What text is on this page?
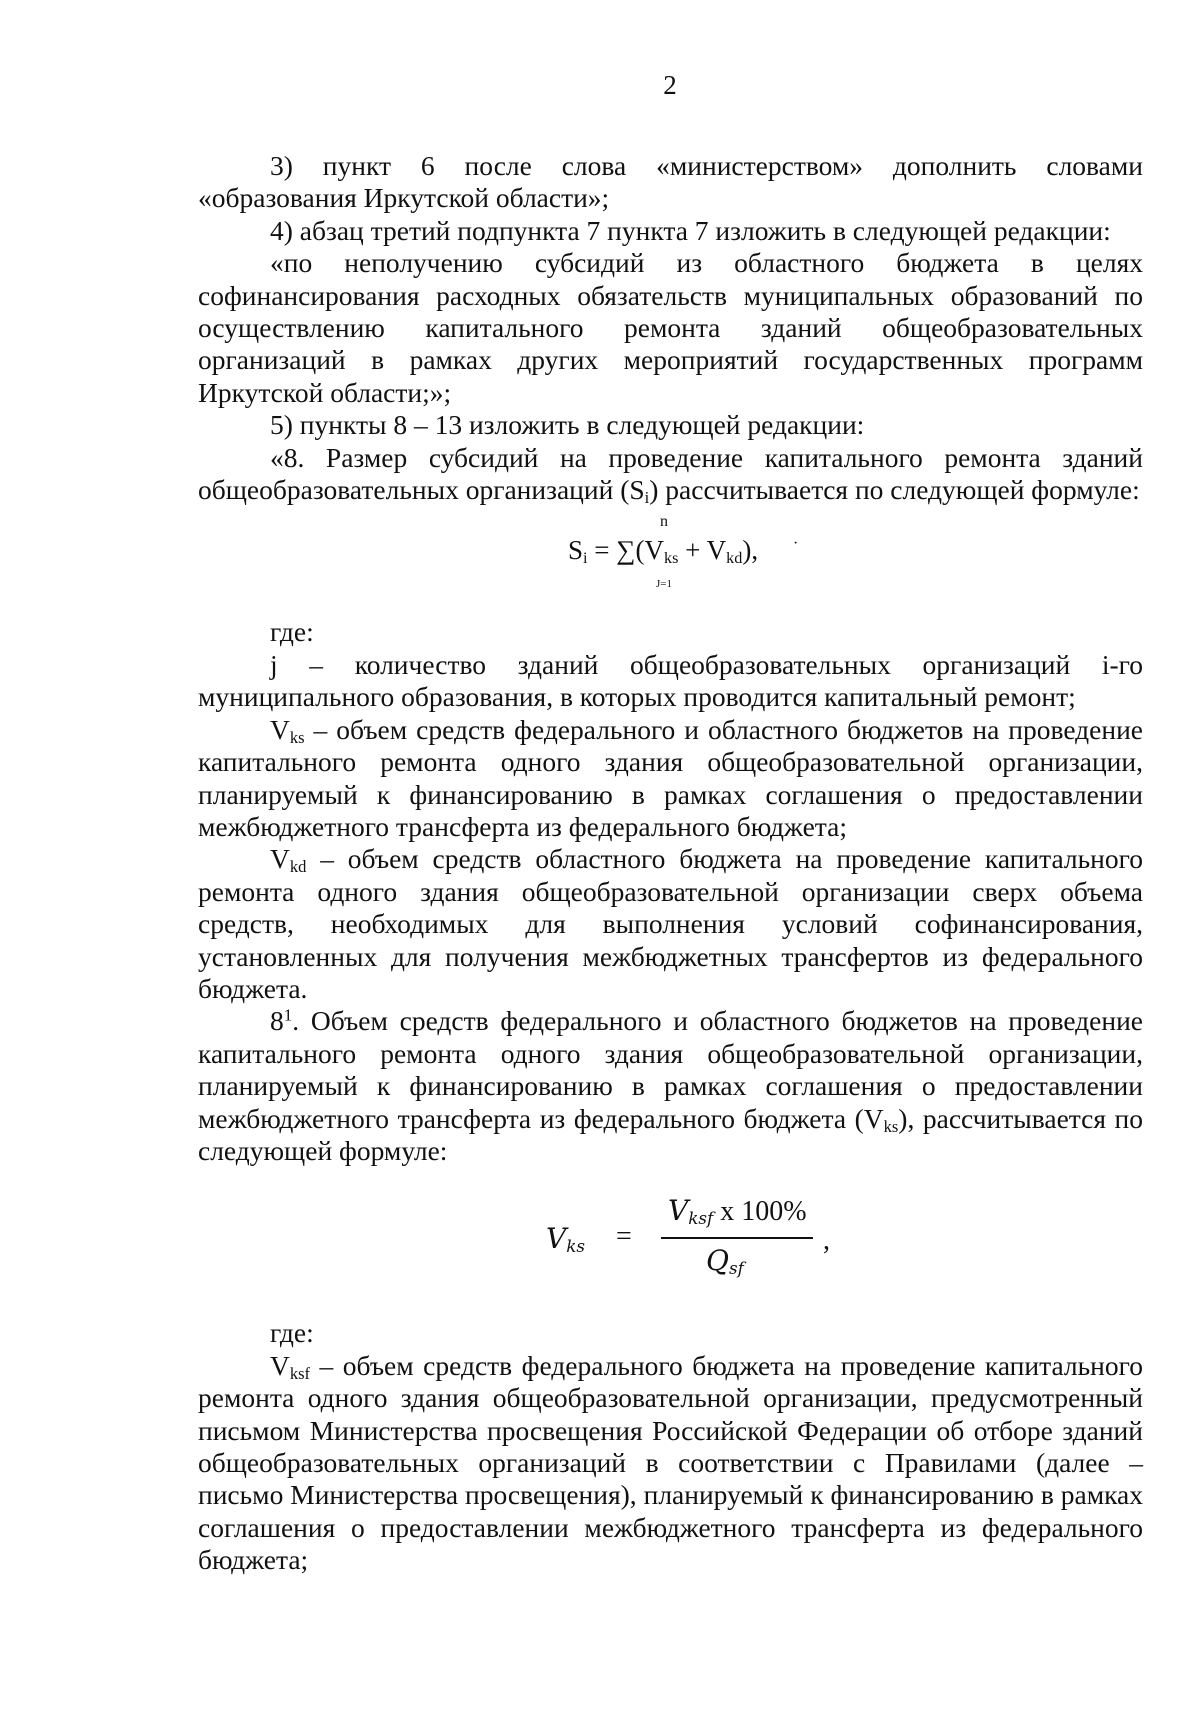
2

3) пункт 6 после слова «министерством» дополнить словами «образования Иркутской области»;

4) абзац третий подпункта 7 пункта 7 изложить в следующей редакции:

«по неполучению субсидий из областного бюджета в целях софинансирования расходных обязательств муниципальных образований по осуществлению капитального ремонта зданий общеобразовательных организаций в рамках других мероприятий государственных программ Иркутской области;»;

5) пункты 8 – 13 изложить в следующей редакции:

«8. Размер субсидий на проведение капитального ремонта зданий общеобразовательных организаций $(S_i)$ рассчитываетcя по следующей формуле:

n
$S_i = \sum(V_{ks} + V_{kd})$,
J=1
·

где:

j – количество зданий общеобразовательных организаций i-го муниципального образования, в которых проводится капитальный ремонт;

$V_{ks}$ – объем средств федерального и областного бюджетов на проведение капитального ремонта одного здания общеобразовательной организации, планируемый к финансированию в рамках соглашения о предоставлении межбюджетного трансферта из федерального бюджета;

$V_{kd}$ – объем средств областного бюджета на проведение капитального ремонта одного здания общеобразовательной организации сверх объема средств, необходимых для выполнения условий софинансирования, установленных для получения межбюджетных трансфертов из федерального бюджета.

$8^1$. Объем средств федерального и областного бюджетов на проведение капитального ремонта одного здания общеобразовательной организации, планируемый к финансированию в рамках соглашения о предоставлении межбюджетного трансферта из федерального бюджета $(V_{ks})$, рассчитывается по следующей формуле:

$V_{ks}$ =
$V_{ksf}$ x 100%
$Q_{sf}$
,

где:

$V_{ksf}$ – объем средств федерального бюджета на проведение капитального ремонта одного здания общеобразовательной организации, предусмотренный письмом Министерства просвещения Российской Федерации об отборе зданий общеобразовательных организаций в соответствии с Правилами (далее – письмо Министерства просвещения), планируемый к финансированию в рамках соглашения о предоставлении межбюджетного трансферта из федерального бюджета;
